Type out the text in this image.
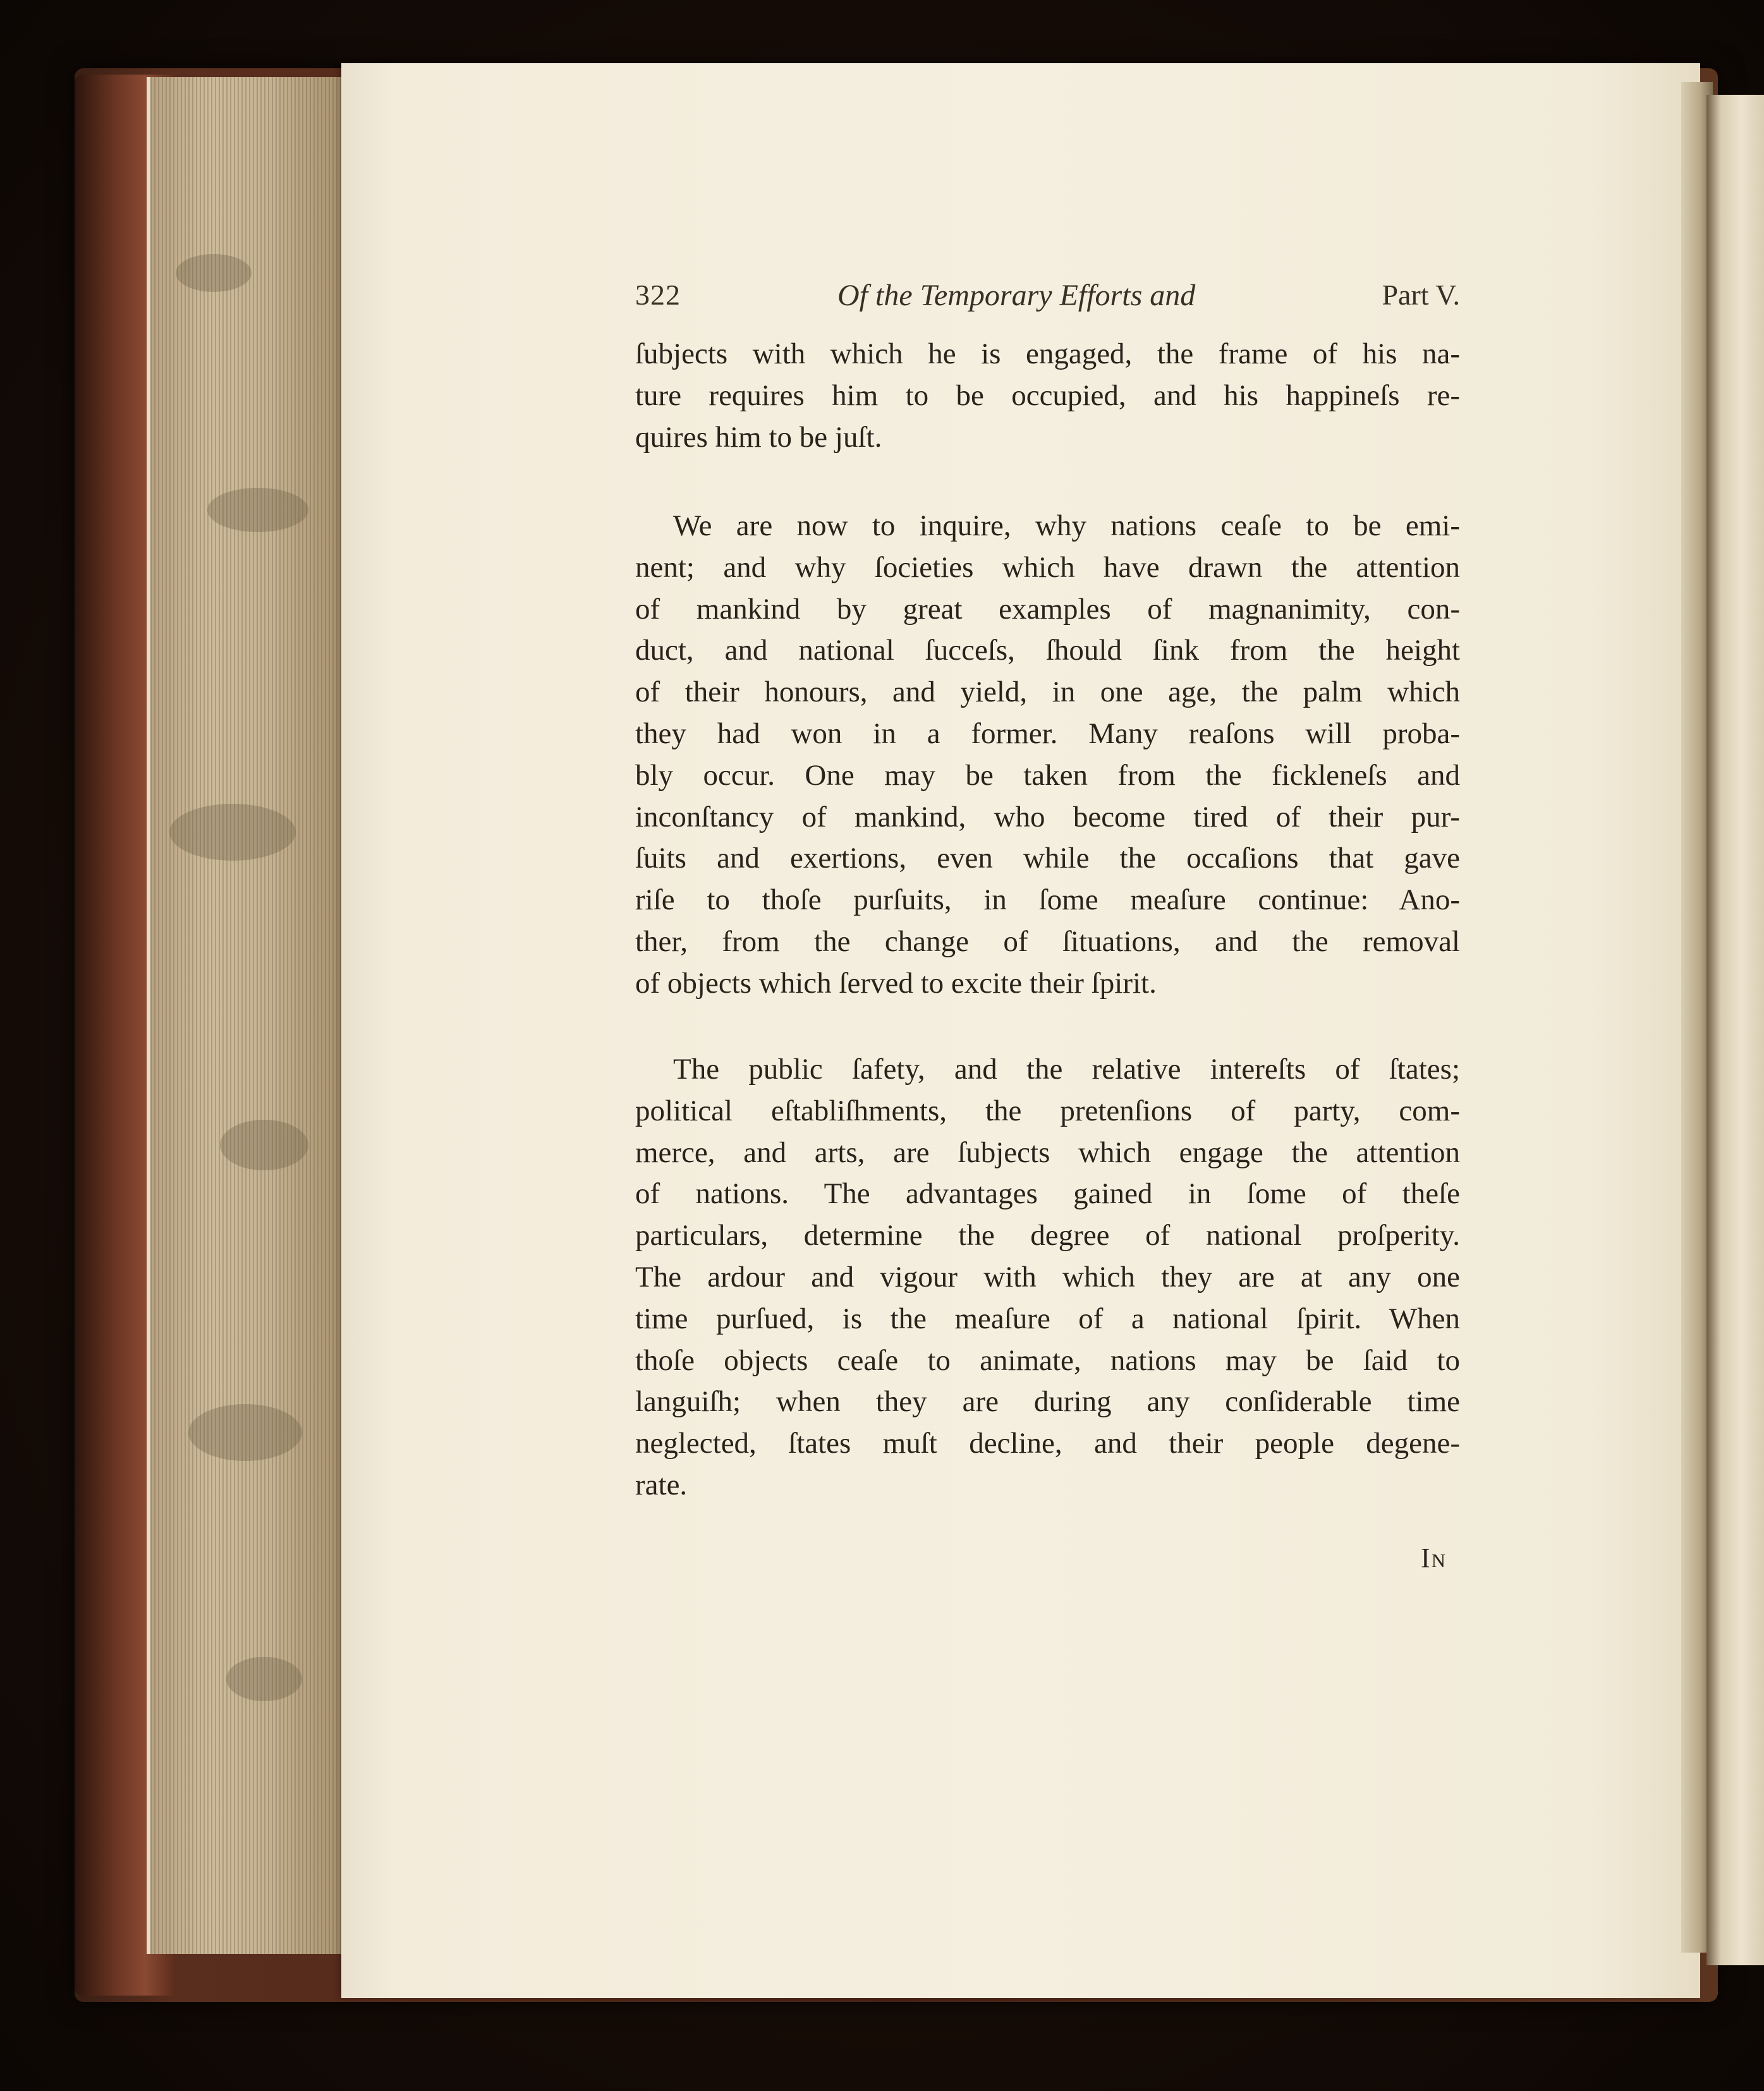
322	Of the Temporary Efforts and	Part V.
ſubjects with which he is engaged, the frame of his na-
ture requires him to be occupied, and his happineſs re-
quires him to be juſt.
We are now to inquire, why nations ceaſe to be emi-
nent; and why ſocieties which have drawn the attention
of mankind by great examples of magnanimity, con-
duct, and national ſucceſs, ſhould ſink from the height
of their honours, and yield, in one age, the palm which
they had won in a former. Many reaſons will proba-
bly occur. One may be taken from the fickleneſs and
inconſtancy of mankind, who become tired of their pur-
ſuits and exertions, even while the occaſions that gave
riſe to thoſe purſuits, in ſome meaſure continue: Ano-
ther, from the change of ſituations, and the removal
of objects which ſerved to excite their ſpirit.
The public ſafety, and the relative intereſts of ſtates;
political eſtabliſhments, the pretenſions of party, com-
merce, and arts, are ſubjects which engage the attention
of nations. The advantages gained in ſome of theſe
particulars, determine the degree of national proſperity.
The ardour and vigour with which they are at any one
time purſued, is the meaſure of a national ſpirit. When
thoſe objects ceaſe to animate, nations may be ſaid to
languiſh; when they are during any conſiderable time
neglected, ſtates muſt decline, and their people degene-
rate.
In
